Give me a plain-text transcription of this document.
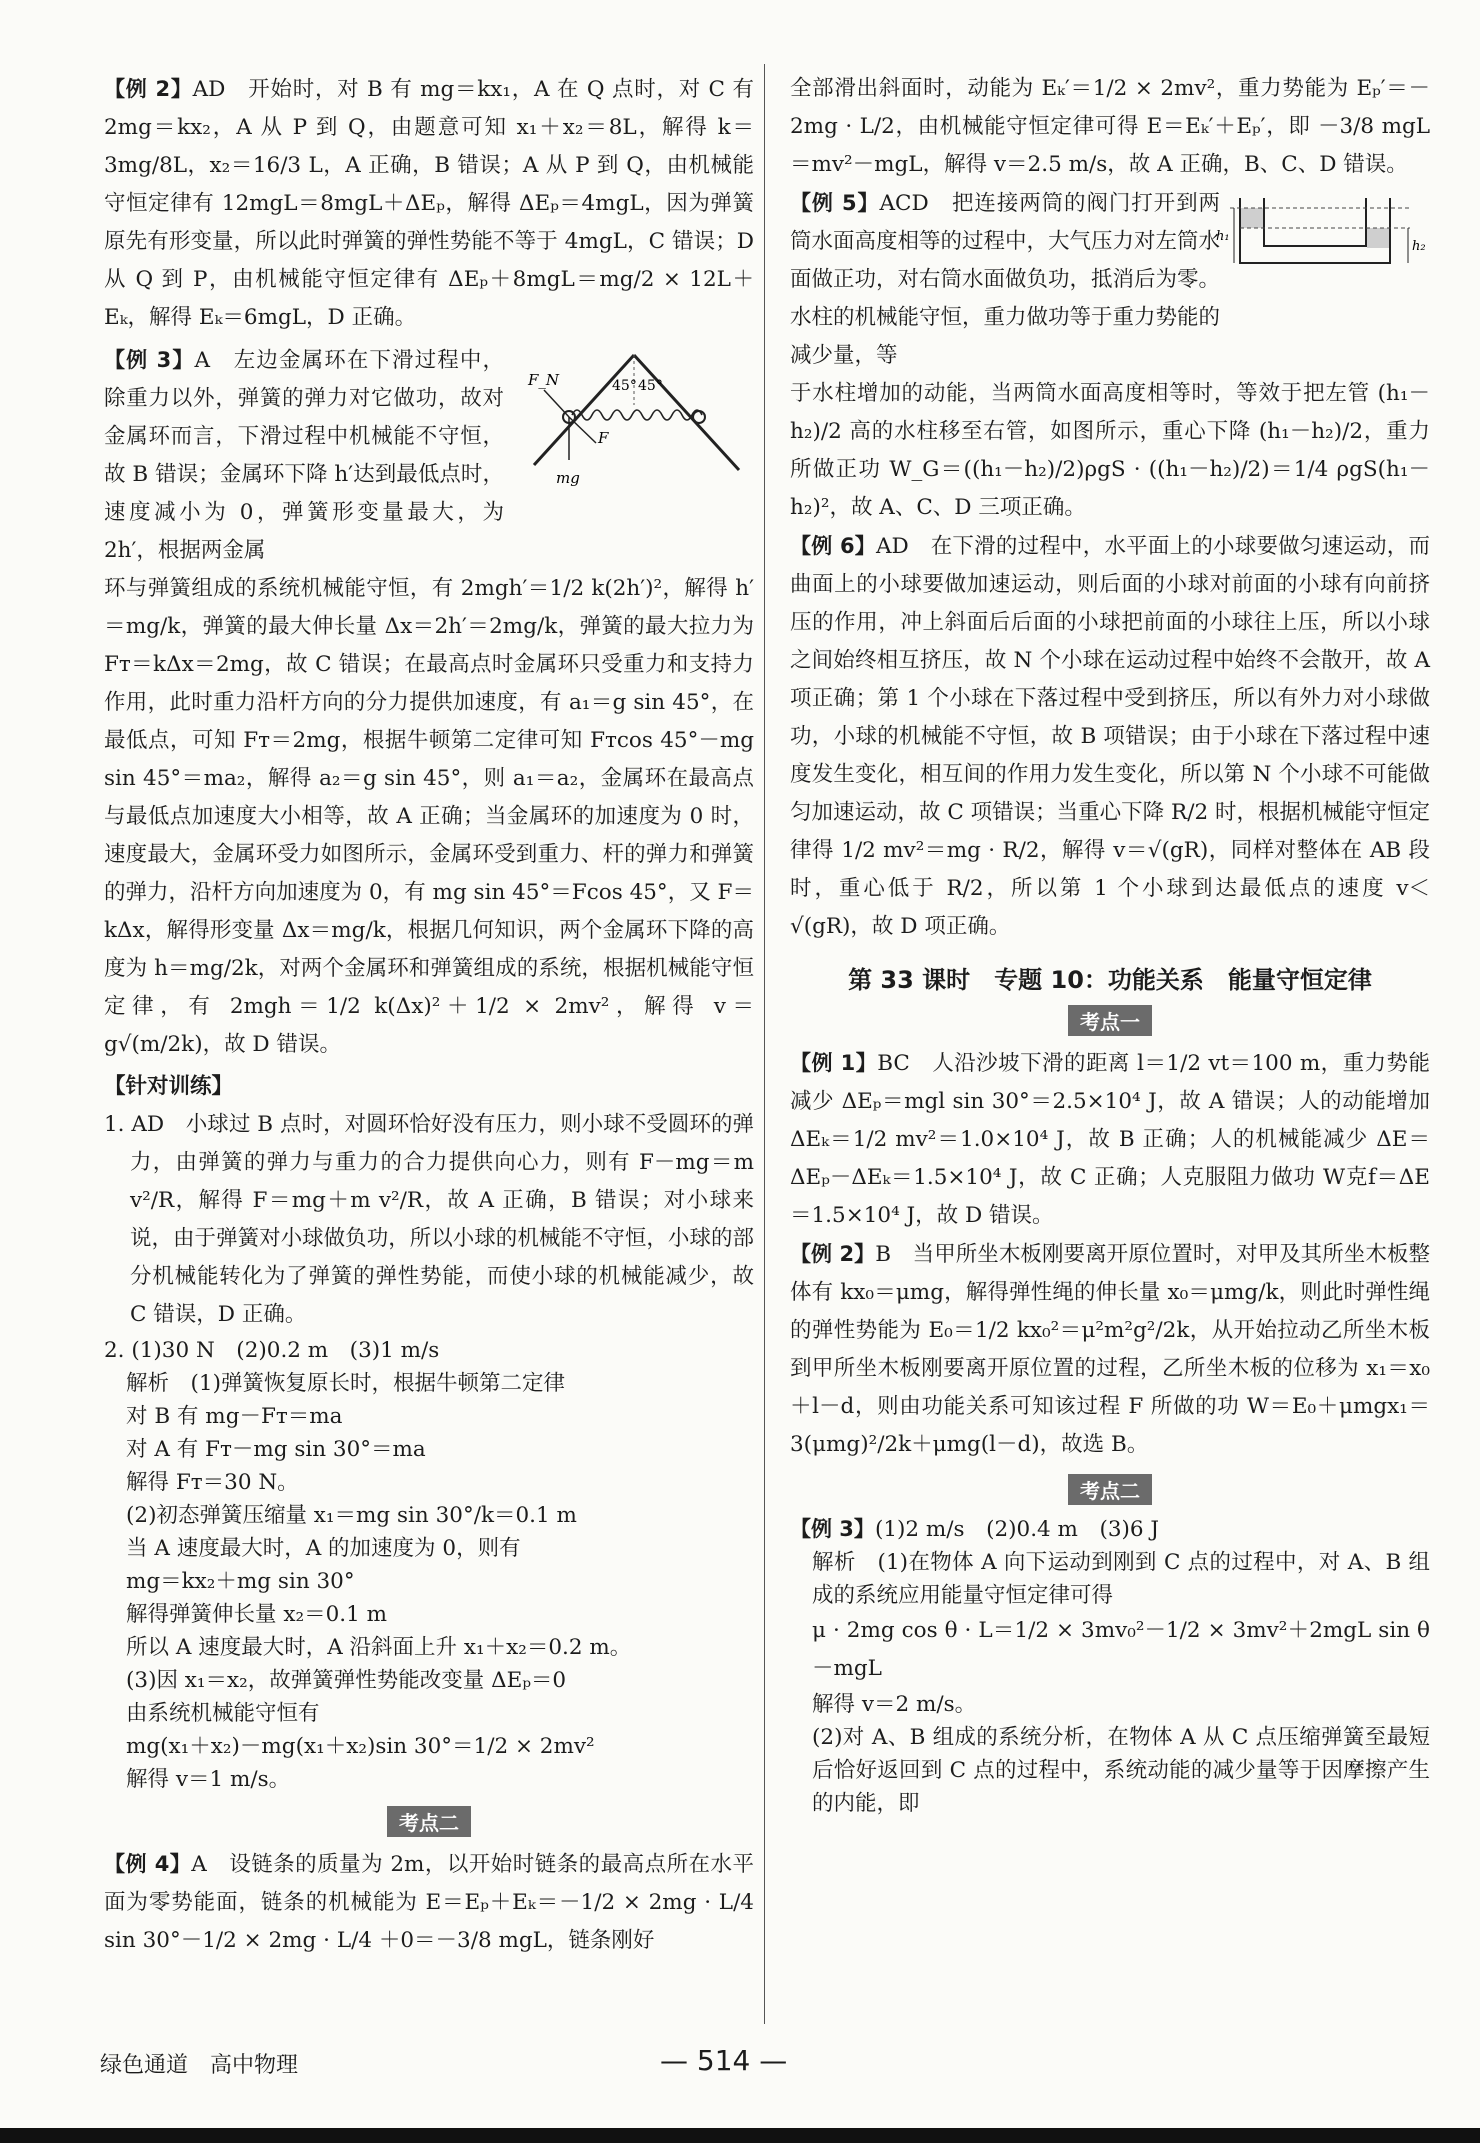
【例 2】AD　开始时，对 B 有 mg＝kx₁，A 在 Q 点时，对 C 有 2mg＝kx₂，A 从 P 到 Q，由题意可知 x₁＋x₂＝8L，解得 k＝3mg/8L，x₂＝16/3 L，A 正确，B 错误；A 从 P 到 Q，由机械能守恒定律有 12mgL＝8mgL＋ΔEₚ，解得 ΔEₚ＝4mgL，因为弹簧原先有形变量，所以此时弹簧的弹性势能不等于 4mgL，C 错误；D 从 Q 到 P，由机械能守恒定律有 ΔEₚ＋8mgL＝mg/2 × 12L＋Eₖ，解得 Eₖ＝6mgL，D 正确。

F_N	45° 45°
F
mg

【例 3】A　左边金属环在下滑过程中，除重力以外，弹簧的弹力对它做功，故对金属环而言，下滑过程中机械能不守恒，故 B 错误；金属环下降 h′达到最低点时，速度减小为 0，弹簧形变量最大，为 2h′，根据两金属

环与弹簧组成的系统机械能守恒，有 2mgh′＝1/2 k(2h′)²，解得 h′＝mg/k，弹簧的最大伸长量 Δx＝2h′＝2mg/k，弹簧的最大拉力为 Fᴛ＝kΔx＝2mg，故 C 错误；在最高点时金属环只受重力和支持力作用，此时重力沿杆方向的分力提供加速度，有 a₁＝g sin 45°，在最低点，可知 Fᴛ＝2mg，根据牛顿第二定律可知 Fᴛcos 45°－mg sin 45°＝ma₂，解得 a₂＝g sin 45°，则 a₁＝a₂，金属环在最高点与最低点加速度大小相等，故 A 正确；当金属环的加速度为 0 时，速度最大，金属环受力如图所示，金属环受到重力、杆的弹力和弹簧的弹力，沿杆方向加速度为 0，有 mg sin 45°＝Fcos 45°，又 F＝kΔx，解得形变量 Δx＝mg/k，根据几何知识，两个金属环下降的高度为 h＝mg/2k，对两个金属环和弹簧组成的系统，根据机械能守恒定律，有 2mgh＝1/2 k(Δx)²＋1/2 × 2mv²，解得 v＝g√(m/2k)，故 D 错误。

【针对训练】

1. AD　小球过 B 点时，对圆环恰好没有压力，则小球不受圆环的弹力，由弹簧的弹力与重力的合力提供向心力，则有 F－mg＝m v²/R，解得 F＝mg＋m v²/R，故 A 正确，B 错误；对小球来说，由于弹簧对小球做负功，所以小球的机械能不守恒，小球的部分机械能转化为了弹簧的弹性势能，而使小球的机械能减少，故 C 错误，D 正确。

2. (1)30 N　(2)0.2 m　(3)1 m/s

解析　(1)弹簧恢复原长时，根据牛顿第二定律

对 B 有 mg－Fᴛ＝ma

对 A 有 Fᴛ－mg sin 30°＝ma

解得 Fᴛ＝30 N。

(2)初态弹簧压缩量 x₁＝mg sin 30°/k＝0.1 m

当 A 速度最大时，A 的加速度为 0，则有

mg＝kx₂＋mg sin 30°

解得弹簧伸长量 x₂＝0.1 m

所以 A 速度最大时，A 沿斜面上升 x₁＋x₂＝0.2 m。

(3)因 x₁＝x₂，故弹簧弹性势能改变量 ΔEₚ＝0

由系统机械能守恒有

mg(x₁＋x₂)－mg(x₁＋x₂)sin 30°＝1/2 × 2mv²

解得 v＝1 m/s。

考点二

【例 4】A　设链条的质量为 2m，以开始时链条的最高点所在水平面为零势能面，链条的机械能为 E＝Eₚ＋Eₖ＝－1/2 × 2mg · L/4 sin 30°－1/2 × 2mg · L/4 ＋0＝－3/8 mgL，链条刚好

全部滑出斜面时，动能为 Eₖ′＝1/2 × 2mv²，重力势能为 Eₚ′＝－2mg · L/2，由机械能守恒定律可得 E＝Eₖ′＋Eₚ′，即 －3/8 mgL＝mv²－mgL，解得 v＝2.5 m/s，故 A 正确，B、C、D 错误。

h₁
h₂

【例 5】ACD　把连接两筒的阀门打开到两筒水面高度相等的过程中，大气压力对左筒水面做正功，对右筒水面做负功，抵消后为零。水柱的机械能守恒，重力做功等于重力势能的减少量，等

于水柱增加的动能，当两筒水面高度相等时，等效于把左管 (h₁－h₂)/2 高的水柱移至右管，如图所示，重心下降 (h₁－h₂)/2，重力所做正功 W_G＝((h₁－h₂)/2)ρgS · ((h₁－h₂)/2)＝1/4 ρgS(h₁－h₂)²，故 A、C、D 三项正确。

【例 6】AD　在下滑的过程中，水平面上的小球要做匀速运动，而曲面上的小球要做加速运动，则后面的小球对前面的小球有向前挤压的作用，冲上斜面后后面的小球把前面的小球往上压，所以小球之间始终相互挤压，故 N 个小球在运动过程中始终不会散开，故 A 项正确；第 1 个小球在下落过程中受到挤压，所以有外力对小球做功，小球的机械能不守恒，故 B 项错误；由于小球在下落过程中速度发生变化，相互间的作用力发生变化，所以第 N 个小球不可能做匀加速运动，故 C 项错误；当重心下降 R/2 时，根据机械能守恒定律得 1/2 mv²＝mg · R/2，解得 v＝√(gR)，同样对整体在 AB 段时，重心低于 R/2，所以第 1 个小球到达最低点的速度 v＜√(gR)，故 D 项正确。

第 33 课时　专题 10：功能关系　能量守恒定律
考点一

【例 1】BC　人沿沙坡下滑的距离 l＝1/2 vt＝100 m，重力势能减少 ΔEₚ＝mgl sin 30°＝2.5×10⁴ J，故 A 错误；人的动能增加 ΔEₖ＝1/2 mv²＝1.0×10⁴ J，故 B 正确；人的机械能减少 ΔE＝ΔEₚ－ΔEₖ＝1.5×10⁴ J，故 C 正确；人克服阻力做功 W克f＝ΔE＝1.5×10⁴ J，故 D 错误。

【例 2】B　当甲所坐木板刚要离开原位置时，对甲及其所坐木板整体有 kx₀＝μmg，解得弹性绳的伸长量 x₀＝μmg/k，则此时弹性绳的弹性势能为 E₀＝1/2 kx₀²＝μ²m²g²/2k，从开始拉动乙所坐木板到甲所坐木板刚要离开原位置的过程，乙所坐木板的位移为 x₁＝x₀＋l－d，则由功能关系可知该过程 F 所做的功 W＝E₀＋μmgx₁＝3(μmg)²/2k＋μmg(l－d)，故选 B。

考点二

【例 3】(1)2 m/s　(2)0.4 m　(3)6 J

解析　(1)在物体 A 向下运动到刚到 C 点的过程中，对 A、B 组成的系统应用能量守恒定律可得

μ · 2mg cos θ · L＝1/2 × 3mv₀²－1/2 × 3mv²＋2mgL sin θ －mgL

解得 v＝2 m/s。

(2)对 A、B 组成的系统分析，在物体 A 从 C 点压缩弹簧至最短后恰好返回到 C 点的过程中，系统动能的减少量等于因摩擦产生的内能，即

绿色通道　高中物理	— 514 —
